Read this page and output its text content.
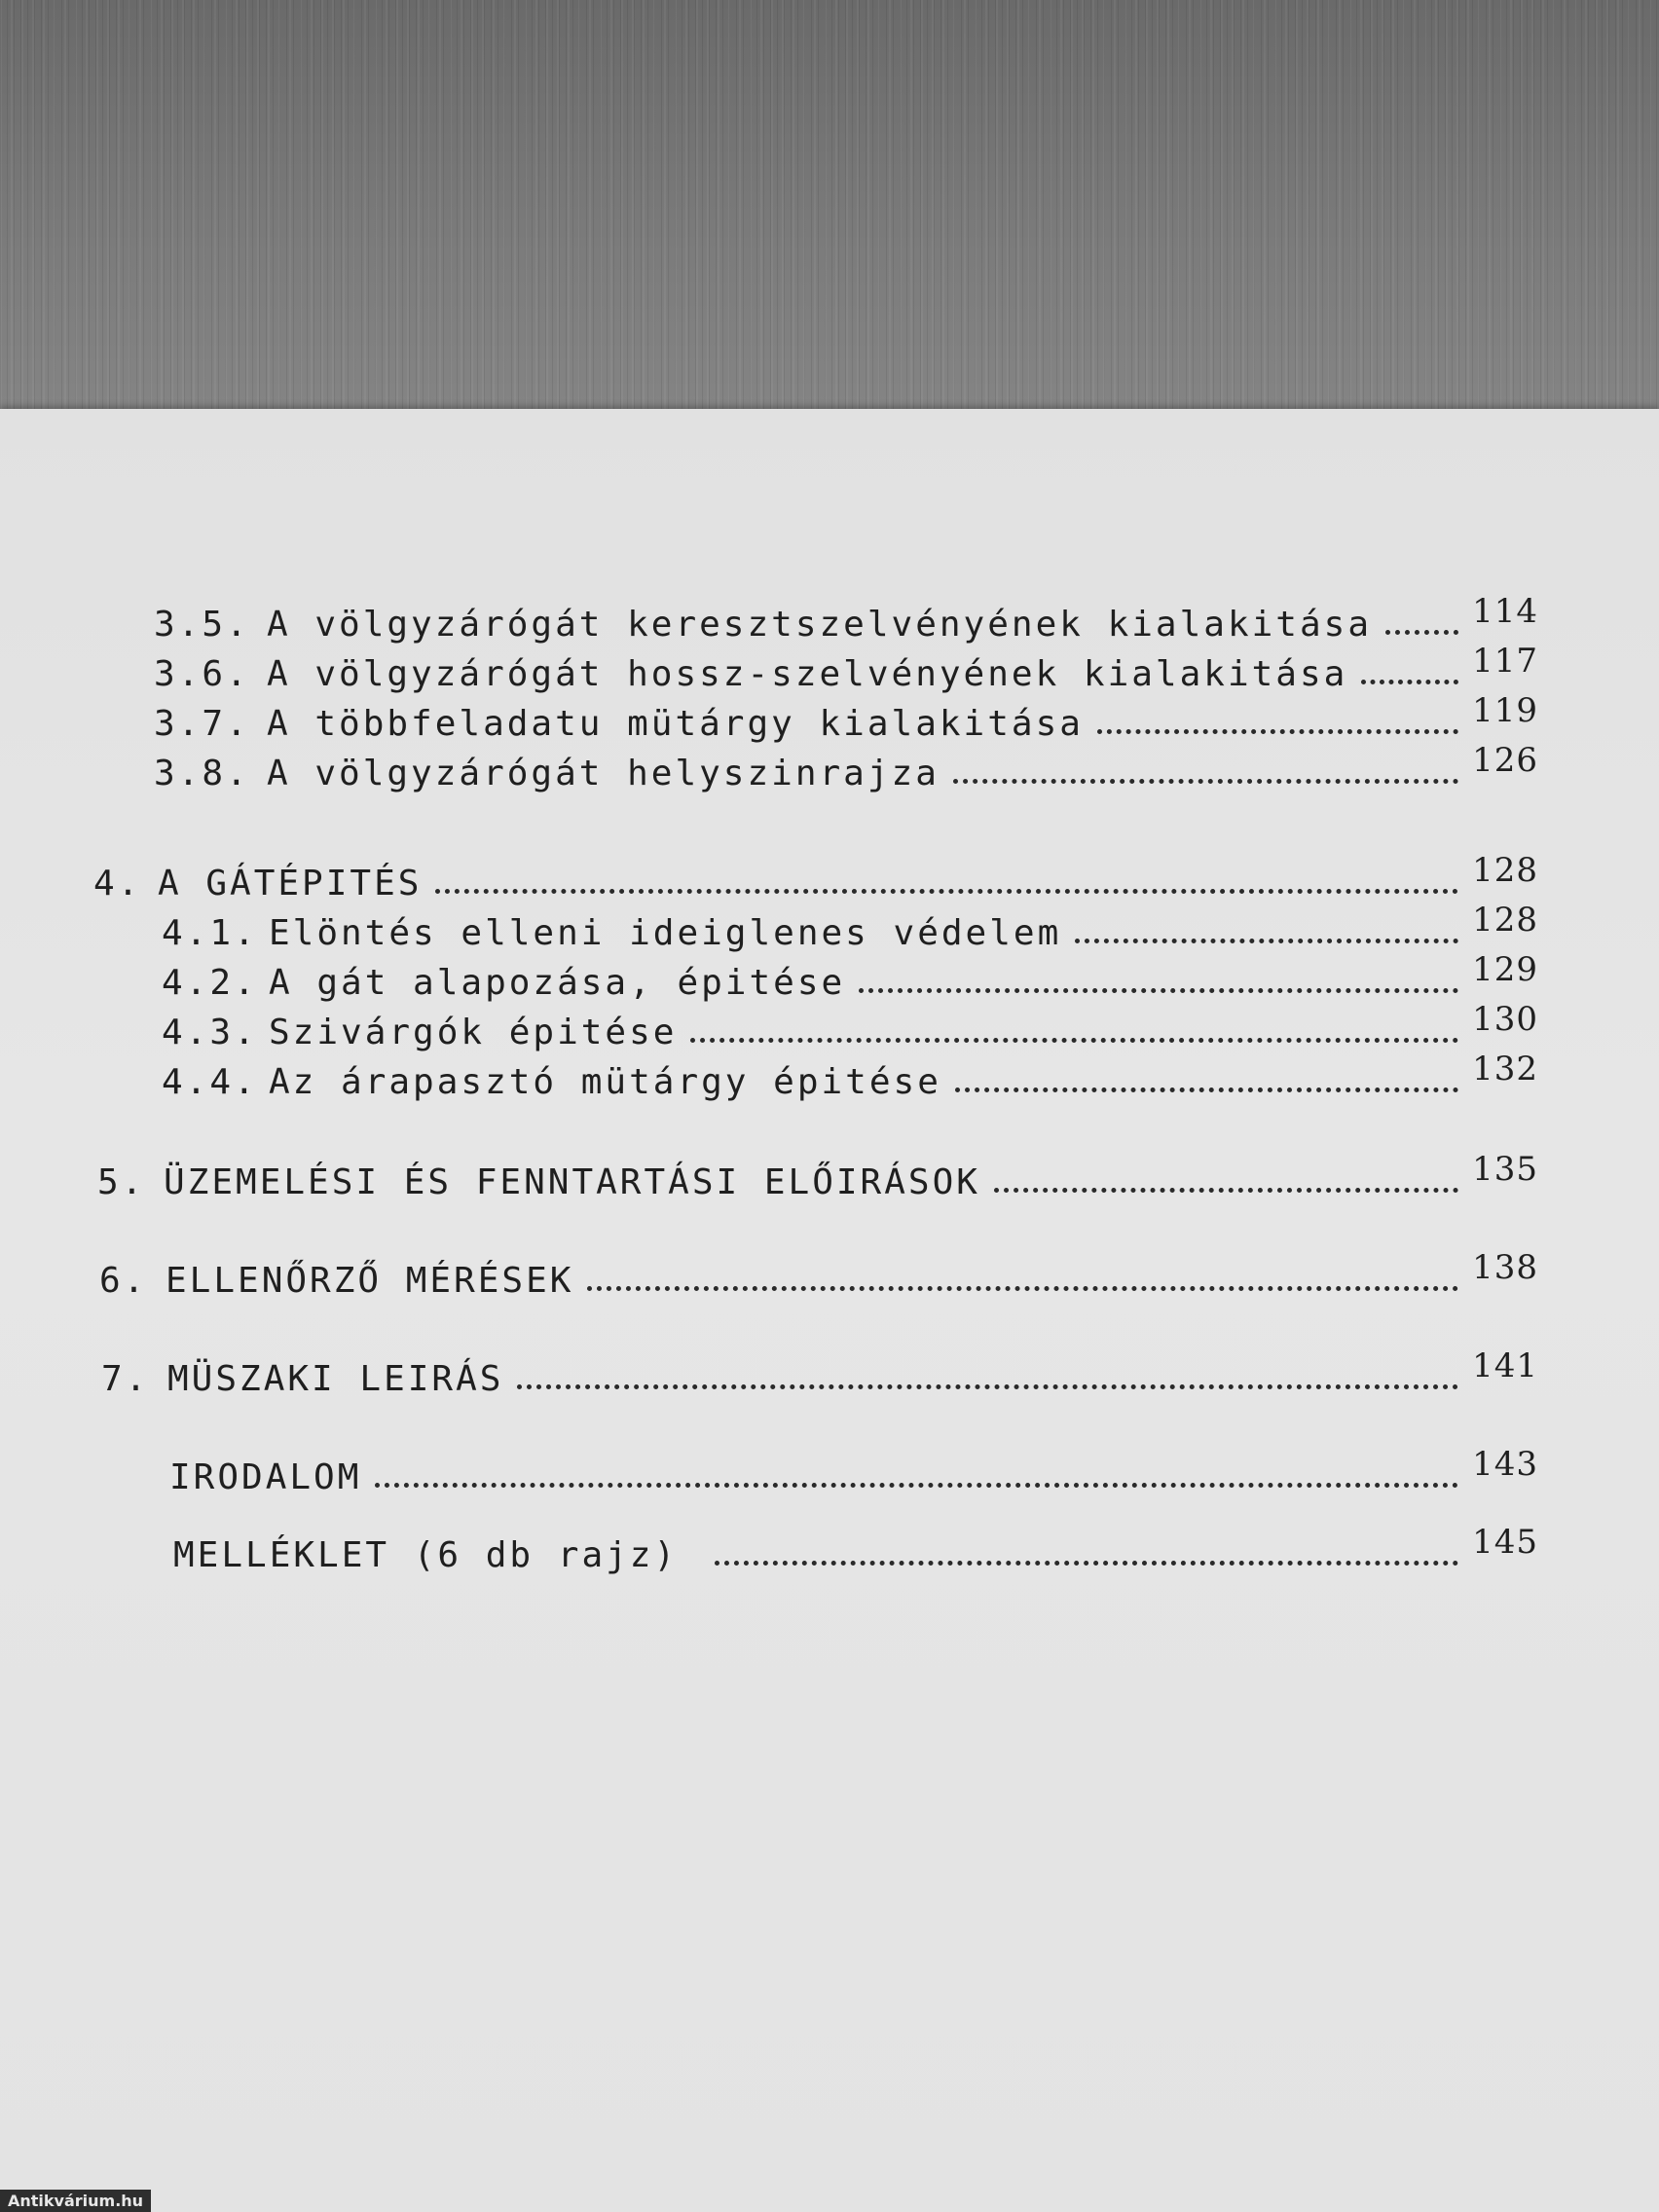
3.5. A völgyzárógát keresztszelvényének kialakitása	114
3.6. A völgyzárógát hossz-szelvényének kialakitása	117
3.7. A többfeladatu mütárgy kialakitása	119
3.8. A völgyzárógát helyszinrajza	126
4. A GÁTÉPITÉS	128
4.1. Elöntés elleni ideiglenes védelem	128
4.2. A gát alapozása, épitése	129
4.3. Szivárgók épitése	130
4.4. Az árapasztó mütárgy épitése	132
5. ÜZEMELÉSI ÉS FENNTARTÁSI ELŐIRÁSOK	135
6. ELLENŐRZŐ MÉRÉSEK	138
7. MÜSZAKI LEIRÁS	141
IRODALOM	143
MELLÉKLET (6 db rajz)	145
Antikvárium.hu
